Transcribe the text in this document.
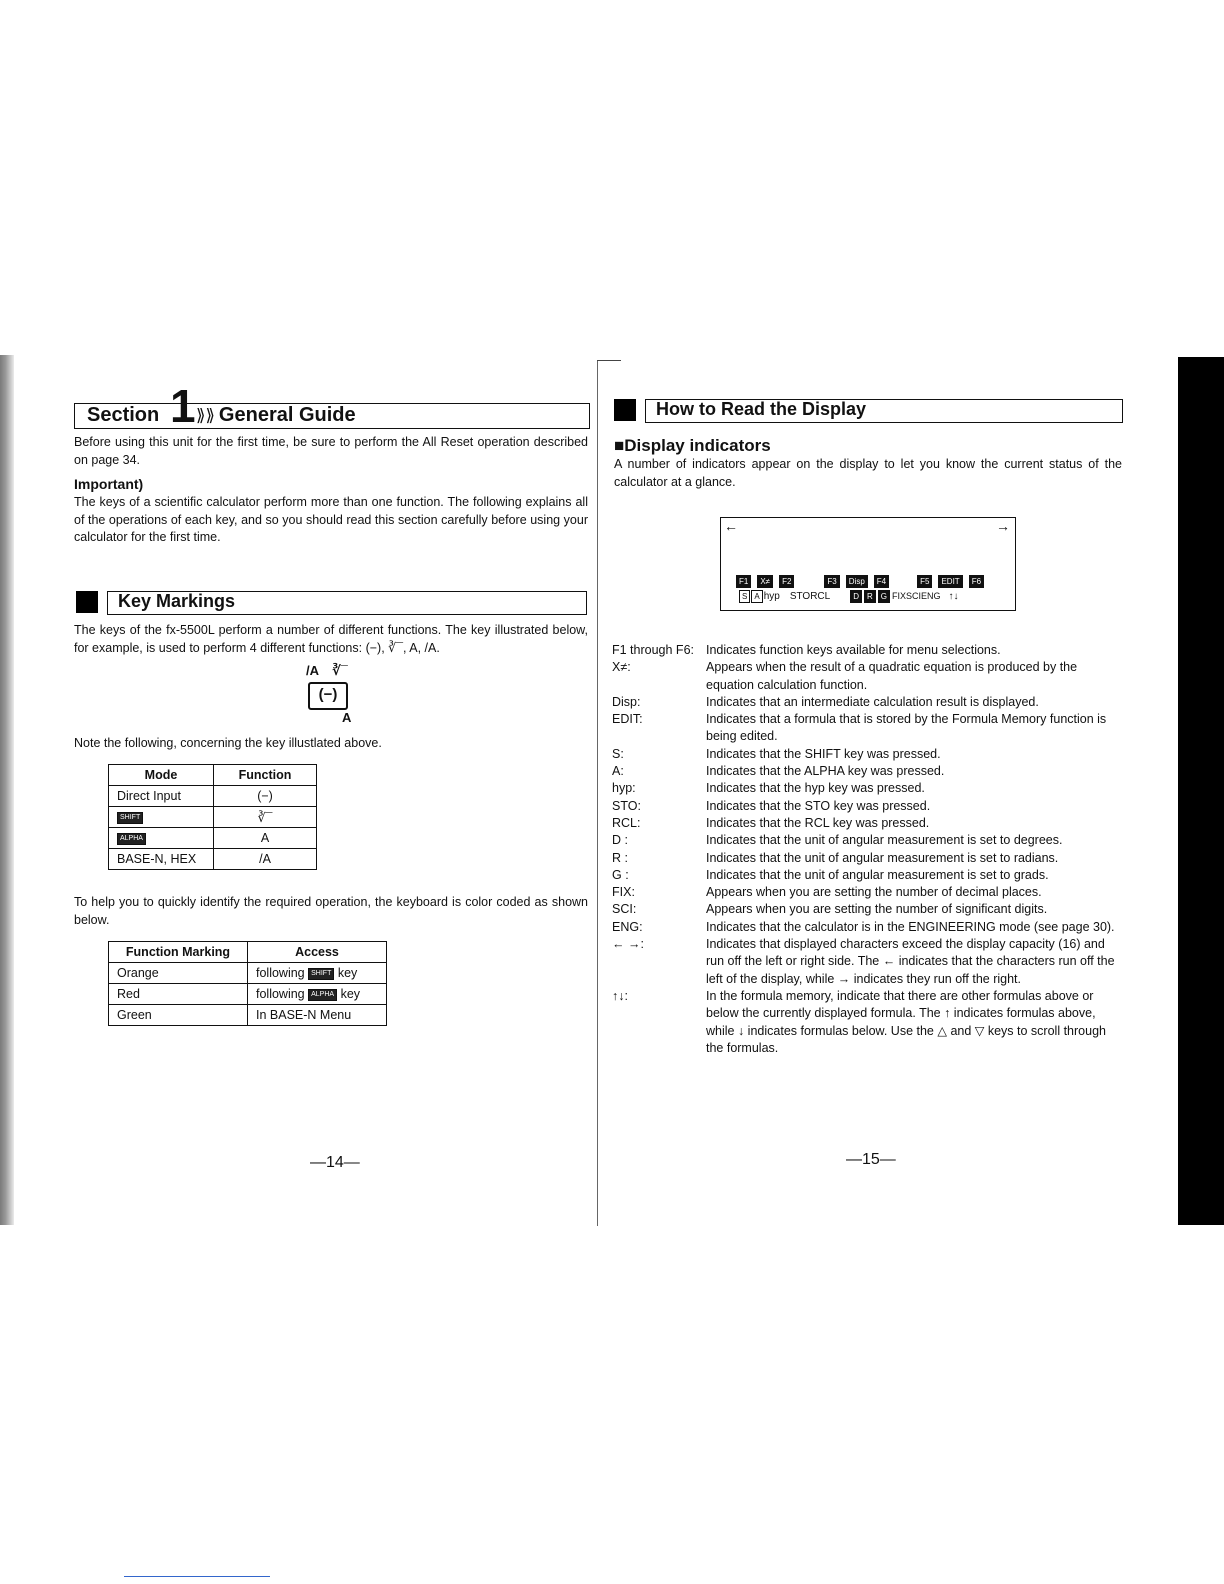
Section 1 ⟫⟫ General Guide
Before using this unit for the first time, be sure to perform the All Reset operation described on page 34.
Important)
The keys of a scientific calculator perform more than one function. The following explains all of the operations of each key, and so you should read this section carefully before using your calculator for the first time.
Key Markings
The keys of the fx-5500L perform a number of different functions. The key illustrated below, for example, is used to perform 4 different functions: (−), ∛¯, A, /A.
/A ∛¯
(−)
A
Note the following, concerning the key illustlated above.
Mode	Function
Direct Input	(−)
SHIFT	∛¯
ALPHA	A
BASE-N, HEX	/A
To help you to quickly identify the required operation, the keyboard is color coded as shown below.
Function Marking	Access
Orange	following SHIFT key
Red	following ALPHA key
Green	In BASE-N Menu
—14—
How to Read the Display
■Display indicators
A number of indicators appear on the display to let you know the current status of the calculator at a glance.
←	→
F1 X≠ F2	F3 Disp F4	F5 EDIT F6
S A hyp STORCL	D R G FIXSCIENG ↑↓
F1 through F6: Indicates function keys available for menu selections.
X≠:	Appears when the result of a quadratic equation is produced by the equation calculation function.
Disp:	Indicates that an intermediate calculation result is displayed.
EDIT:	Indicates that a formula that is stored by the Formula Memory function is being edited.
S:	Indicates that the SHIFT key was pressed.
A:	Indicates that the ALPHA key was pressed.
hyp:	Indicates that the hyp key was pressed.
STO:	Indicates that the STO key was pressed.
RCL:	Indicates that the RCL key was pressed.
D :	Indicates that the unit of angular measurement is set to degrees.
R :	Indicates that the unit of angular measurement is set to radians.
G :	Indicates that the unit of angular measurement is set to grads.
FIX:	Appears when you are setting the number of decimal places.
SCI:	Appears when you are setting the number of significant digits.
ENG:	Indicates that the calculator is in the ENGINEERING mode (see page 30).
← →:	Indicates that displayed characters exceed the display capacity (16) and run off the left or right side. The ← indicates that the characters run off the left of the display, while → indicates they run off the right.
↑↓:	In the formula memory, indicate that there are other formulas above or below the currently displayed formula. The ↑ indicates formulas above, while ↓ indicates formulas below. Use the △ and ▽ keys to scroll through the formulas.
—15—
